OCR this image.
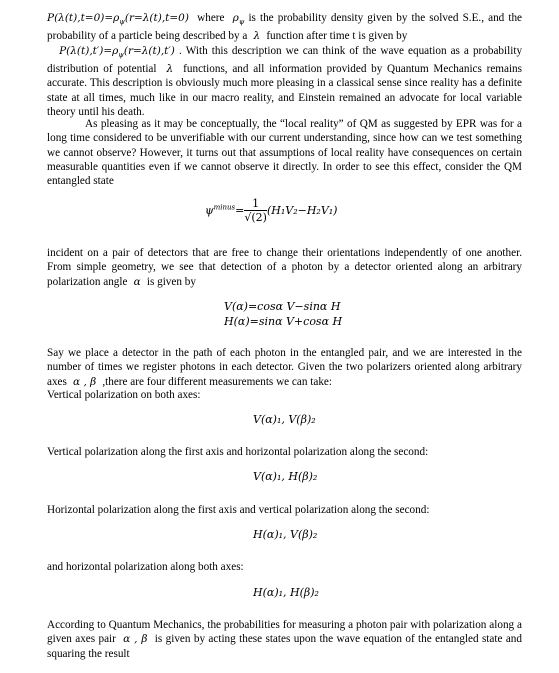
$P(\lambda(t),t=0)=\rho_\psi(r=\lambda(t),t=0)$ where $\rho_\psi$ is the probability density given by the solved S.E., and the probability of a particle being described by a  λ  function after time t is given by
$P(\lambda(t),t')=\rho_\psi(r=\lambda(t),t')$ . With this description we can think of the wave equation as a probability distribution of potential  λ  functions, and all information provided by Quantum Mechanics remains accurate. This description is obviously much more pleasing in a classical sense since reality has a definite state at all times, much like in our macro reality, and Einstein remained an advocate for local variable theory until his death.
As pleasing as it may be conceptually, the “local reality” of QM as suggested by EPR was for a long time considered to be unverifiable with our current understanding, since how can we test something we cannot observe? However, it turns out that assumptions of local reality have consequences on certain measurable quantities even if we cannot observe it directly. In order to see this effect, consider the QM entangled state
$\psi^{minus}= \frac{1}{√(2)} (H_1V_2-H_2V_1)$
incident on a pair of detectors that are free to change their orientations independently of one another. From simple geometry, we see that detection of a photon by a detector oriented along an arbitrary polarization angle  α  is given by
V(α)=cosα V−sinα H
H(α)=sinα V+cosα H
Say we place a detector in the path of each photon in the entangled pair, and we are interested in the number of times we register photons in each detector. Given the two polarizers oriented along arbitrary axes  α , β  ,there are four different measurements we can take:
Vertical polarization on both axes:
V(α)₁, V(β)₂
Vertical polarization along the first axis and horizontal polarization along the second:
V(α)₁, H(β)₂
Horizontal polarization along the first axis and vertical polarization along the second:
H(α)₁, V(β)₂
and horizontal polarization along both axes:
H(α)₁, H(β)₂
According to Quantum Mechanics, the probabilities for measuring a photon pair with polarization along a given axes pair  α , β  is given by acting these states upon the wave equation of the entangled state and squaring the result
